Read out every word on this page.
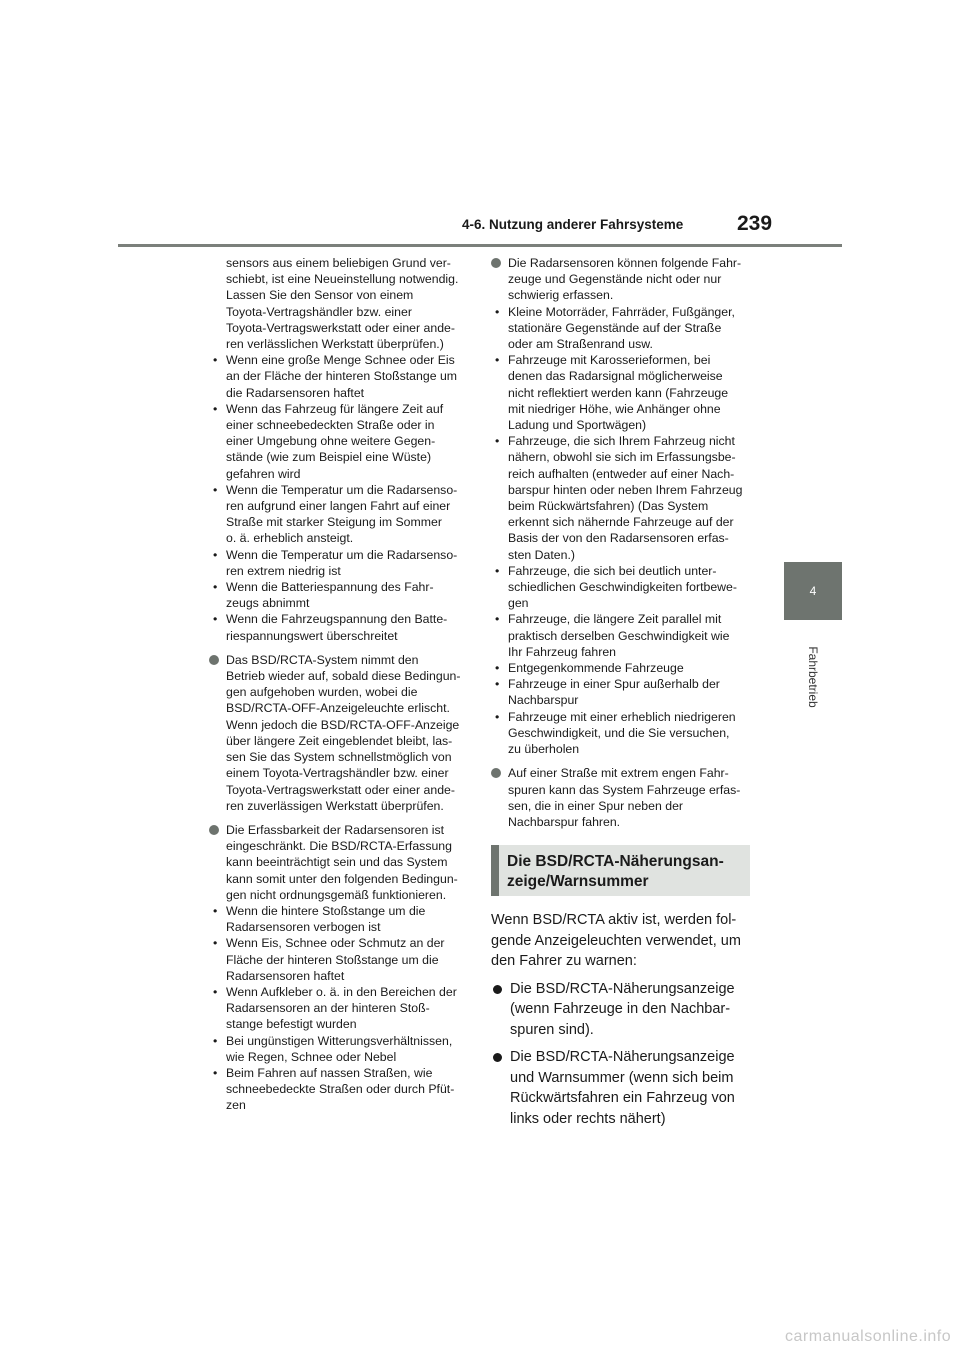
4-6. Nutzung anderer Fahrsysteme	239
4
Fahrbetrieb
sensors aus einem beliebigen Grund ver-
schiebt, ist eine Neueinstellung notwendig.
Lassen Sie den Sensor von einem
Toyota-Vertragshändler bzw. einer
Toyota-Vertragswerkstatt oder einer ande-
ren verlässlichen Werkstatt überprüfen.)
• Wenn eine große Menge Schnee oder Eis
an der Fläche der hinteren Stoßstange um
die Radarsensoren haftet
• Wenn das Fahrzeug für längere Zeit auf
einer schneebedeckten Straße oder in
einer Umgebung ohne weitere Gegen-
stände (wie zum Beispiel eine Wüste)
gefahren wird
• Wenn die Temperatur um die Radarsenso-
ren aufgrund einer langen Fahrt auf einer
Straße mit starker Steigung im Sommer
o. ä. erheblich ansteigt.
• Wenn die Temperatur um die Radarsenso-
ren extrem niedrig ist
• Wenn die Batteriespannung des Fahr-
zeugs abnimmt
• Wenn die Fahrzeugspannung den Batte-
riespannungswert überschreitet
Das BSD/RCTA-System nimmt den
Betrieb wieder auf, sobald diese Bedingun-
gen aufgehoben wurden, wobei die
BSD/RCTA-OFF-Anzeigeleuchte erlischt.
Wenn jedoch die BSD/RCTA-OFF-Anzeige
über längere Zeit eingeblendet bleibt, las-
sen Sie das System schnellstmöglich von
einem Toyota-Vertragshändler bzw. einer
Toyota-Vertragswerkstatt oder einer ande-
ren zuverlässigen Werkstatt überprüfen.
Die Erfassbarkeit der Radarsensoren ist
eingeschränkt. Die BSD/RCTA-Erfassung
kann beeinträchtigt sein und das System
kann somit unter den folgenden Bedingun-
gen nicht ordnungsgemäß funktionieren.
• Wenn die hintere Stoßstange um die
Radarsensoren verbogen ist
• Wenn Eis, Schnee oder Schmutz an der
Fläche der hinteren Stoßstange um die
Radarsensoren haftet
• Wenn Aufkleber o. ä. in den Bereichen der
Radarsensoren an der hinteren Stoß-
stange befestigt wurden
• Bei ungünstigen Witterungsverhältnissen,
wie Regen, Schnee oder Nebel
• Beim Fahren auf nassen Straßen, wie
schneebedeckte Straßen oder durch Pfüt-
zen
Die Radarsensoren können folgende Fahr-
zeuge und Gegenstände nicht oder nur
schwierig erfassen.
• Kleine Motorräder, Fahrräder, Fußgänger,
stationäre Gegenstände auf der Straße
oder am Straßenrand usw.
• Fahrzeuge mit Karosserieformen, bei
denen das Radarsignal möglicherweise
nicht reflektiert werden kann (Fahrzeuge
mit niedriger Höhe, wie Anhänger ohne
Ladung und Sportwägen)
• Fahrzeuge, die sich Ihrem Fahrzeug nicht
nähern, obwohl sie sich im Erfassungsbe-
reich aufhalten (entweder auf einer Nach-
barspur hinten oder neben Ihrem Fahrzeug
beim Rückwärtsfahren) (Das System
erkennt sich nähernde Fahrzeuge auf der
Basis der von den Radarsensoren erfas-
sten Daten.)
• Fahrzeuge, die sich bei deutlich unter-
schiedlichen Geschwindigkeiten fortbewe-
gen
• Fahrzeuge, die längere Zeit parallel mit
praktisch derselben Geschwindigkeit wie
Ihr Fahrzeug fahren
• Entgegenkommende Fahrzeuge
• Fahrzeuge in einer Spur außerhalb der
Nachbarspur
• Fahrzeuge mit einer erheblich niedrigeren
Geschwindigkeit, und die Sie versuchen,
zu überholen
Auf einer Straße mit extrem engen Fahr-
spuren kann das System Fahrzeuge erfas-
sen, die in einer Spur neben der
Nachbarspur fahren.
Die BSD/RCTA-Näherungsan-
zeige/Warnsummer
Wenn BSD/RCTA aktiv ist, werden fol-
gende Anzeigeleuchten verwendet, um
den Fahrer zu warnen:
Die BSD/RCTA-Näherungsanzeige
(wenn Fahrzeuge in den Nachbar-
spuren sind).
Die BSD/RCTA-Näherungsanzeige
und Warnsummer (wenn sich beim
Rückwärtsfahren ein Fahrzeug von
links oder rechts nähert)
carmanualsonline.info
